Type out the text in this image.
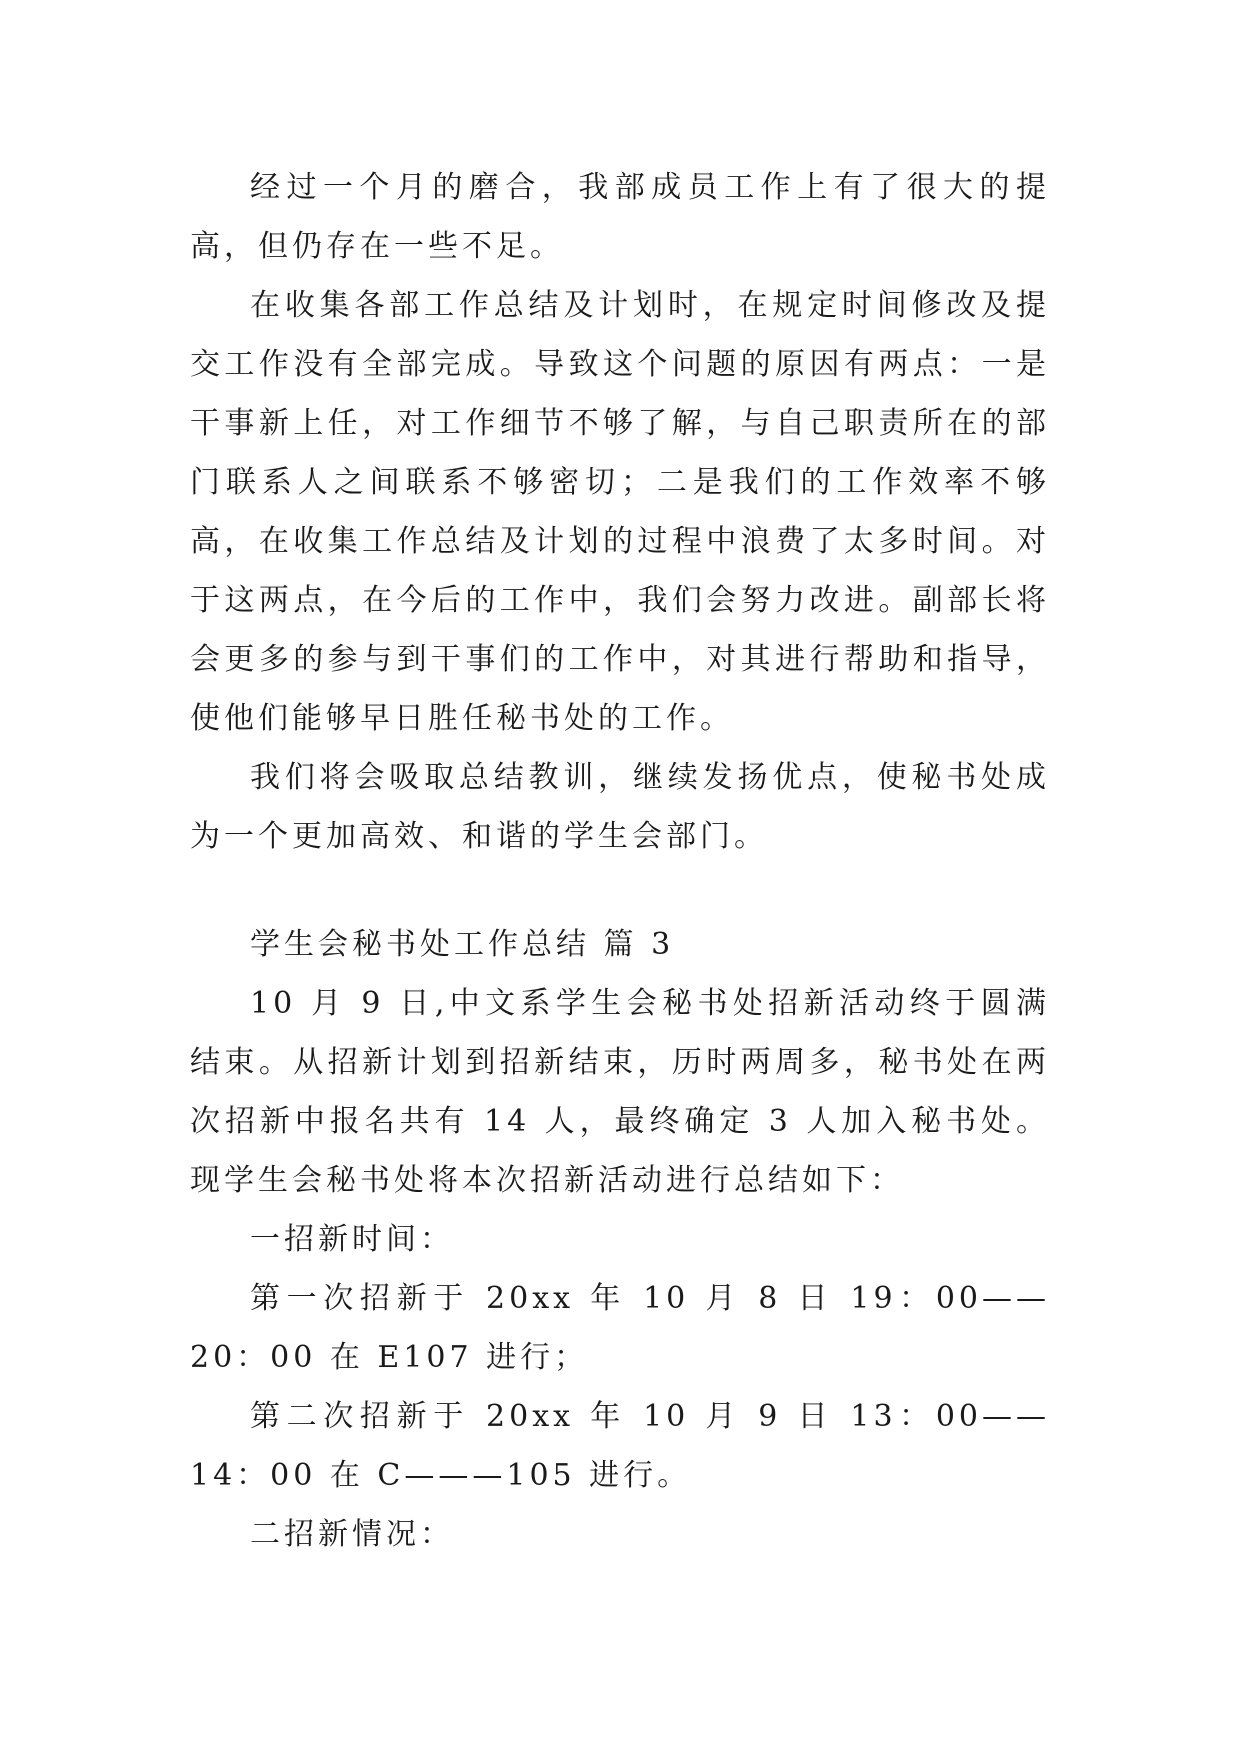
经过一个月的磨合，我部成员工作上有了很大的提高，但仍存在一些不足。

在收集各部工作总结及计划时，在规定时间修改及提交工作没有全部完成。导致这个问题的原因有两点：一是干事新上任，对工作细节不够了解，与自己职责所在的部门联系人之间联系不够密切；二是我们的工作效率不够高，在收集工作总结及计划的过程中浪费了太多时间。对于这两点，在今后的工作中，我们会努力改进。副部长将会更多的参与到干事们的工作中，对其进行帮助和指导，使他们能够早日胜任秘书处的工作。

我们将会吸取总结教训，继续发扬优点，使秘书处成为一个更加高效、和谐的学生会部门。

学生会秘书处工作总结 篇 3

10 月 9 日,中文系学生会秘书处招新活动终于圆满结束。从招新计划到招新结束，历时两周多，秘书处在两次招新中报名共有 14 人，最终确定 3 人加入秘书处。现学生会秘书处将本次招新活动进行总结如下：

一招新时间：

第一次招新于 20xx 年 10 月 8 日 19：00——20：00 在 E107 进行；

第二次招新于 20xx 年 10 月 9 日 13：00——14：00 在 C———105 进行。

二招新情况：
